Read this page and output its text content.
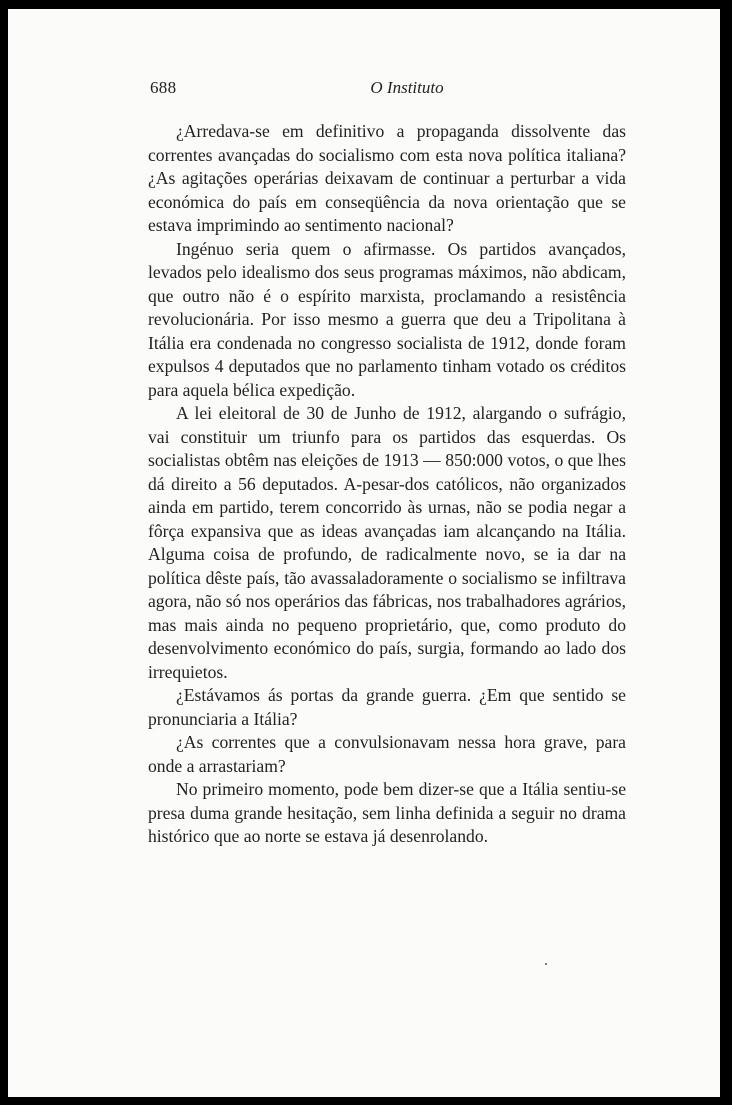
688	O Instituto

¿Arredava-se em definitivo a propaganda dissolvente das correntes avançadas do socialismo com esta nova política italiana? ¿As agitações operárias deixavam de continuar a perturbar a vida económica do país em conseqüência da nova orientação que se estava imprimindo ao sentimento nacional?

Ingénuo seria quem o afirmasse. Os partidos avançados, levados pelo idealismo dos seus programas máximos, não abdicam, que outro não é o espírito marxista, proclamando a resistência revolucionária. Por isso mesmo a guerra que deu a Tripolitana à Itália era condenada no congresso socialista de 1912, donde foram expulsos 4 deputados que no parlamento tinham votado os créditos para aquela bélica expedição.

A lei eleitoral de 30 de Junho de 1912, alargando o sufrágio, vai constituir um triunfo para os partidos das esquerdas. Os socialistas obtêm nas eleições de 1913 — 850:000 votos, o que lhes dá direito a 56 deputados. A-pesar-dos católicos, não organizados ainda em partido, terem concorrido às urnas, não se podia negar a fôrça expansiva que as ideas avançadas iam alcançando na Itália. Alguma coisa de profundo, de radicalmente novo, se ia dar na política dêste país, tão avassaladoramente o socialismo se infiltrava agora, não só nos operários das fábricas, nos trabalhadores agrários, mas mais ainda no pequeno proprietário, que, como produto do desenvolvimento económico do país, surgia, formando ao lado dos irrequietos.

¿Estávamos ás portas da grande guerra. ¿Em que sentido se pronunciaria a Itália?

¿As correntes que a convulsionavam nessa hora grave, para onde a arrastariam?

No primeiro momento, pode bem dizer-se que a Itália sentiu-se presa duma grande hesitação, sem linha definida a seguir no drama histórico que ao norte se estava já desenrolando.
